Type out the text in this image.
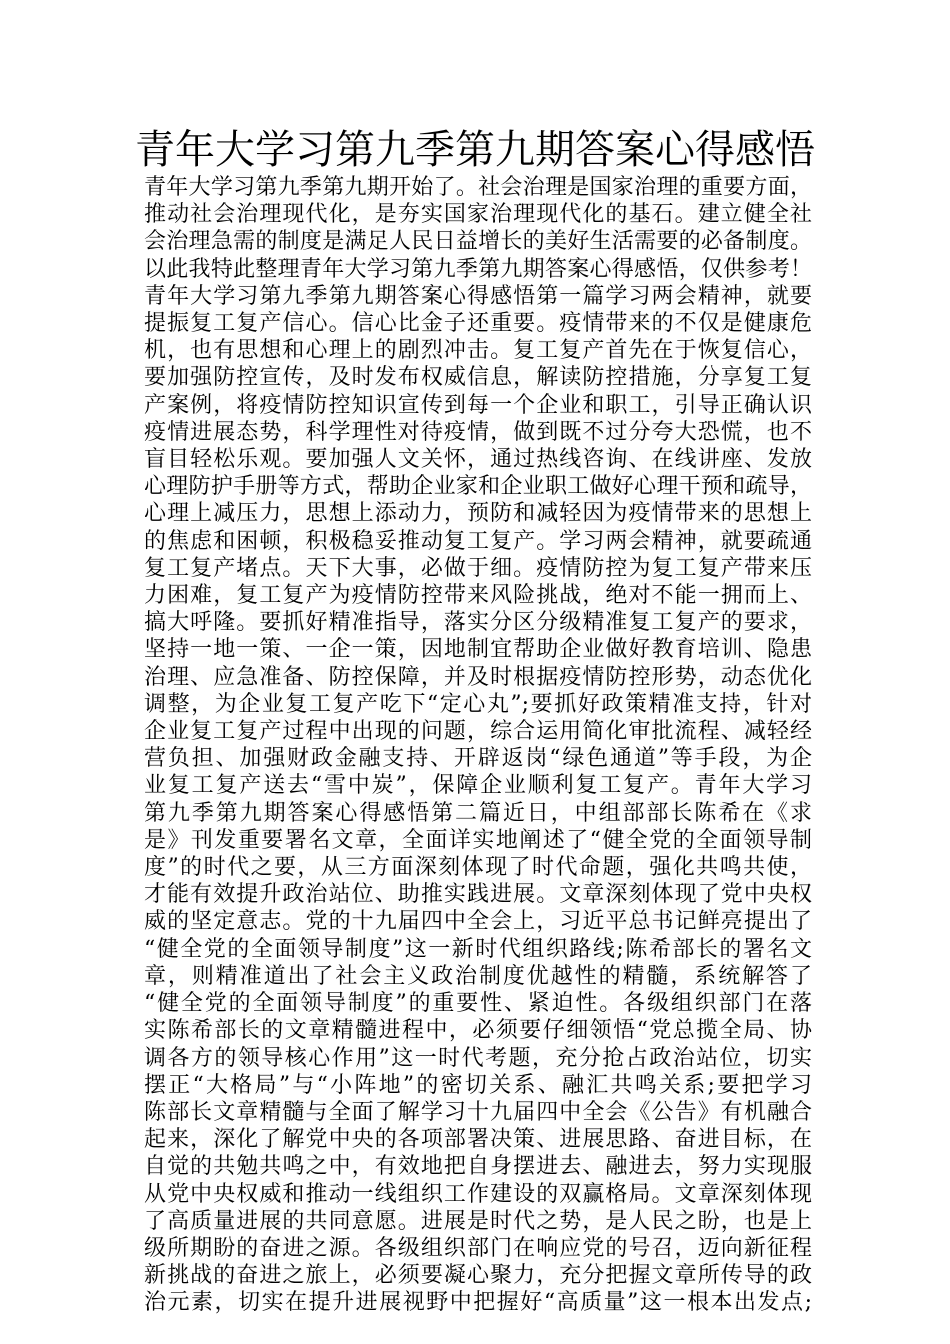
青年大学习第九季第九期答案心得感悟
青年大学习第九季第九期开始了。社会治理是国家治理的重要方面，
推动社会治理现代化，是夯实国家治理现代化的基石。建立健全社
会治理急需的制度是满足人民日益增长的美好生活需要的必备制度。
以此我特此整理青年大学习第九季第九期答案心得感悟，仅供参考！
青年大学习第九季第九期答案心得感悟第一篇学习两会精神，就要
提振复工复产信心。信心比金子还重要。疫情带来的不仅是健康危
机，也有思想和心理上的剧烈冲击。复工复产首先在于恢复信心，
要加强防控宣传，及时发布权威信息，解读防控措施，分享复工复
产案例，将疫情防控知识宣传到每一个企业和职工，引导正确认识
疫情进展态势，科学理性对待疫情，做到既不过分夸大恐慌，也不
盲目轻松乐观。要加强人文关怀，通过热线咨询、在线讲座、发放
心理防护手册等方式，帮助企业家和企业职工做好心理干预和疏导，
心理上减压力，思想上添动力，预防和减轻因为疫情带来的思想上
的焦虑和困顿，积极稳妥推动复工复产。学习两会精神，就要疏通
复工复产堵点。天下大事，必做于细。疫情防控为复工复产带来压
力困难，复工复产为疫情防控带来风险挑战，绝对不能一拥而上、
搞大呼隆。要抓好精准指导，落实分区分级精准复工复产的要求，
坚持一地一策、一企一策，因地制宜帮助企业做好教育培训、隐患
治理、应急准备、防控保障，并及时根据疫情防控形势，动态优化
调整，为企业复工复产吃下“定心丸”;要抓好政策精准支持，针对
企业复工复产过程中出现的问题，综合运用简化审批流程、减轻经
营负担、加强财政金融支持、开辟返岗“绿色通道”等手段，为企
业复工复产送去“雪中炭”，保障企业顺利复工复产。青年大学习
第九季第九期答案心得感悟第二篇近日，中组部部长陈希在《求
是》刊发重要署名文章，全面详实地阐述了“健全党的全面领导制
度”的时代之要，从三方面深刻体现了时代命题，强化共鸣共使，
才能有效提升政治站位、助推实践进展。文章深刻体现了党中央权
威的坚定意志。党的十九届四中全会上，习近平总书记鲜亮提出了
“健全党的全面领导制度”这一新时代组织路线;陈希部长的署名文
章，则精准道出了社会主义政治制度优越性的精髓，系统解答了
“健全党的全面领导制度”的重要性、紧迫性。各级组织部门在落
实陈希部长的文章精髓进程中，必须要仔细领悟“党总揽全局、协
调各方的领导核心作用”这一时代考题，充分抢占政治站位，切实
摆正“大格局”与“小阵地”的密切关系、融汇共鸣关系;要把学习
陈部长文章精髓与全面了解学习十九届四中全会《公告》有机融合
起来，深化了解党中央的各项部署决策、进展思路、奋进目标，在
自觉的共勉共鸣之中，有效地把自身摆进去、融进去，努力实现服
从党中央权威和推动一线组织工作建设的双赢格局。文章深刻体现
了高质量进展的共同意愿。进展是时代之势，是人民之盼，也是上
级所期盼的奋进之源。各级组织部门在响应党的号召，迈向新征程
新挑战的奋进之旅上，必须要凝心聚力，充分把握文章所传导的政
治元素，切实在提升进展视野中把握好“高质量”这一根本出发点;
